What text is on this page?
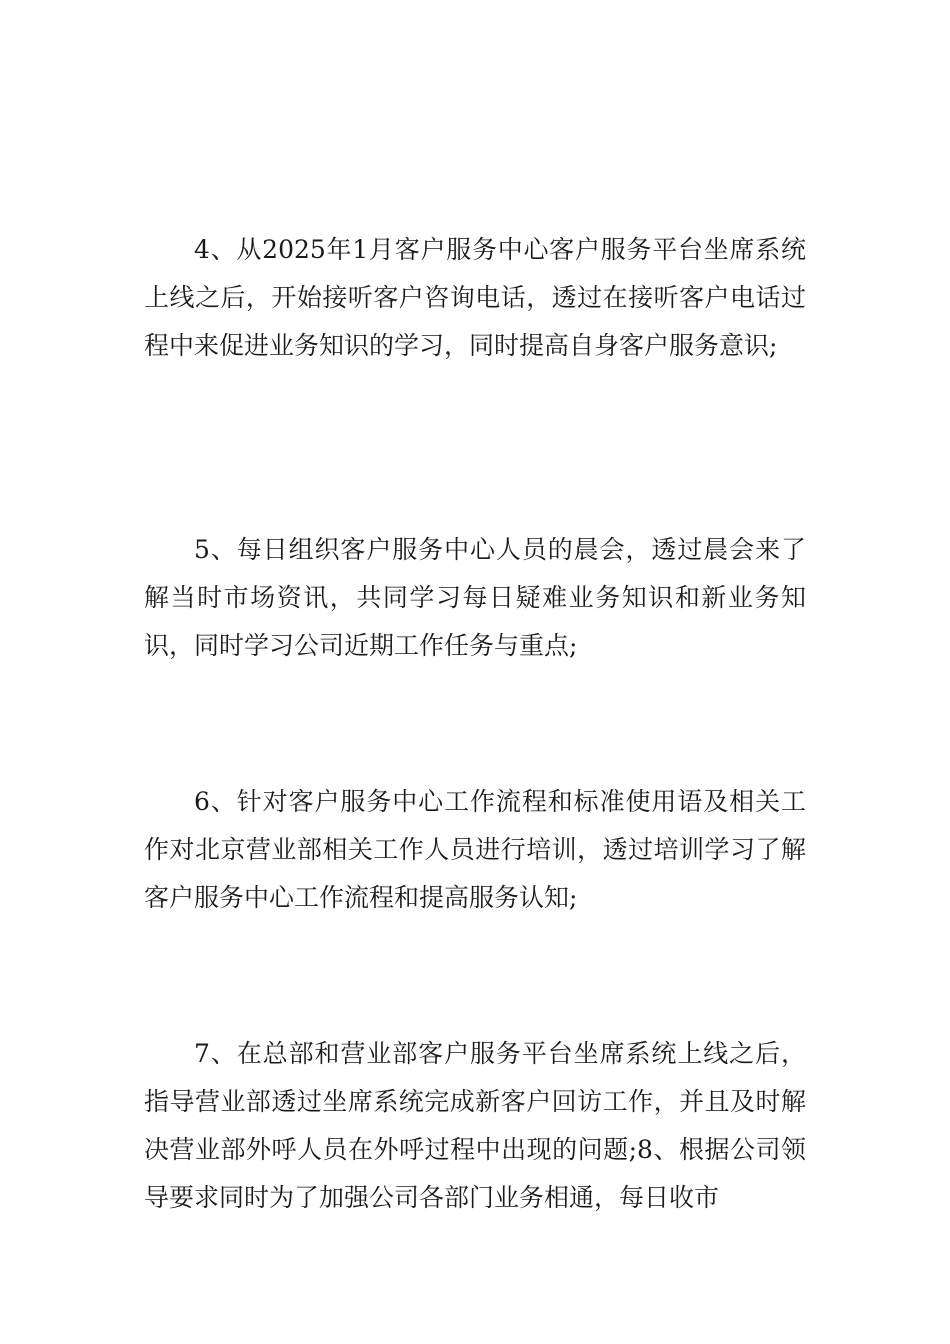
4、从2025年1月客户服务中心客户服务平台坐席系统上线之后，开始接听客户咨询电话，透过在接听客户电话过程中来促进业务知识的学习，同时提高自身客户服务意识;

5、每日组织客户服务中心人员的晨会，透过晨会来了解当时市场资讯，共同学习每日疑难业务知识和新业务知识，同时学习公司近期工作任务与重点;

6、针对客户服务中心工作流程和标准使用语及相关工作对北京营业部相关工作人员进行培训，透过培训学习了解客户服务中心工作流程和提高服务认知;

7、在总部和营业部客户服务平台坐席系统上线之后，指导营业部透过坐席系统完成新客户回访工作，并且及时解决营业部外呼人员在外呼过程中出现的问题;8、根据公司领导要求同时为了加强公司各部门业务相通，每日收市
